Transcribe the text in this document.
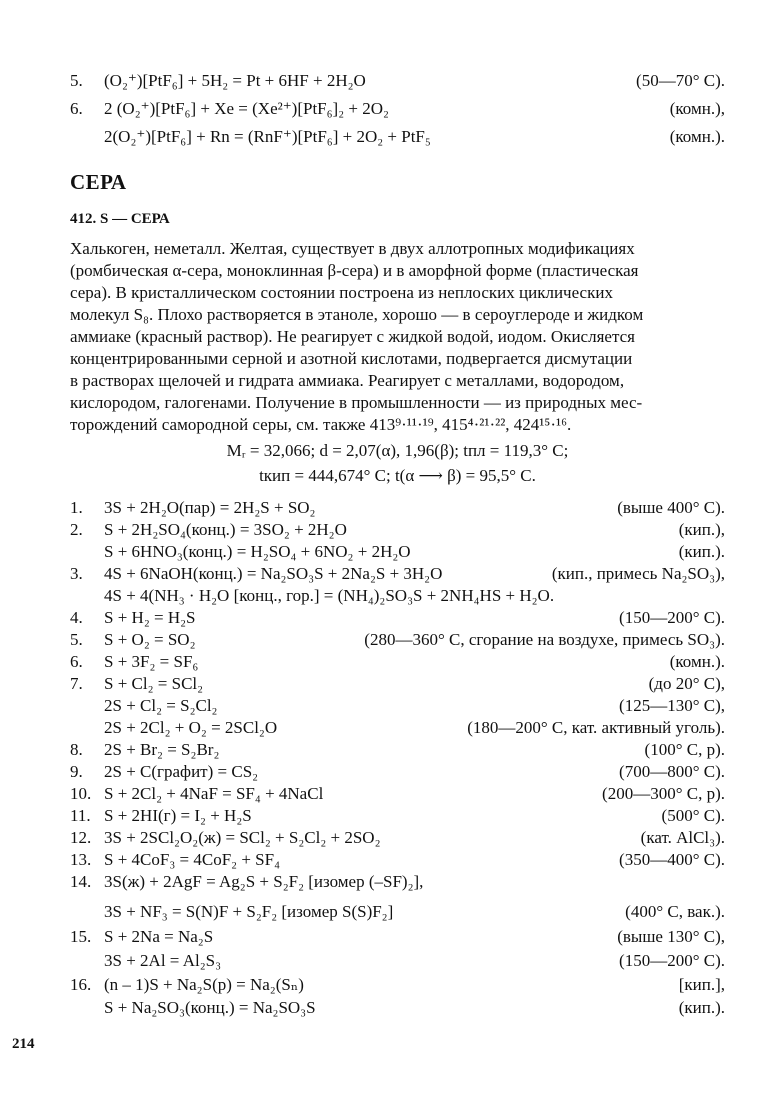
5.	(O₂⁺)[PtF₆] + 5H₂ = Pt + 6HF + 2H₂O	(50—70° C).
6.	2 (O₂⁺)[PtF₆] + Xe = (Xe²⁺)[PtF₆]₂ + 2O₂	(комн.),
2(O₂⁺)[PtF₆] + Rn = (RnF⁺)[PtF₆] + 2O₂ + PtF₅	(комн.).
СЕРА
412. S — СЕРА
Халькоген, неметалл. Желтая, существует в двух аллотропных модификациях
(ромбическая α-сера, моноклинная β-сера) и в аморфной форме (пластическая
сера). В кристаллическом состоянии построена из неплоских циклических
молекул S₈. Плохо растворяется в этаноле, хорошо — в сероуглероде и жидком
аммиаке (красный раствор). Не реагирует с жидкой водой, иодом. Окисляется
концентрированными серной и азотной кислотами, подвергается дисмутации
в растворах щелочей и гидрата аммиака. Реагирует с металлами, водородом,
кислородом, галогенами. Получение в промышленности — из природных мес-
торождений самородной серы, см. также 413⁹·¹¹·¹⁹, 415⁴·²¹·²², 424¹⁵·¹⁶.
Mᵣ = 32,066; d = 2,07(α), 1,96(β); tпл = 119,3° C;
tкип = 444,674° C; t(α ⟶ β) = 95,5° C.
1.	3S + 2H₂O(пар) = 2H₂S + SO₂	(выше 400° C).
2.	S + 2H₂SO₄(конц.) = 3SO₂ + 2H₂O	(кип.),
S + 6HNO₃(конц.) = H₂SO₄ + 6NO₂ + 2H₂O	(кип.).
3.	4S + 6NaOH(конц.) = Na₂SO₃S + 2Na₂S + 3H₂O	(кип., примесь Na₂SO₃),
4S + 4(NH₃ · H₂O [конц., гор.] = (NH₄)₂SO₃S + 2NH₄HS + H₂O.
4.	S + H₂ = H₂S	(150—200° C).
5.	S + O₂ = SO₂	(280—360° C, сгорание на воздухе, примесь SO₃).
6.	S + 3F₂ = SF₆	(комн.).
7.	S + Cl₂ = SCl₂	(до 20° C),
2S + Cl₂ = S₂Cl₂	(125—130° C),
2S + 2Cl₂ + O₂ = 2SCl₂O	(180—200° C, кат. активный уголь).
8.	2S + Br₂ = S₂Br₂	(100° C, p).
9.	2S + C(графит) = CS₂	(700—800° C).
10. S + 2Cl₂ + 4NaF = SF₄ + 4NaCl	(200—300° C, p).
11. S + 2HI(г) = I₂ + H₂S	(500° C).
12. 3S + 2SCl₂O₂(ж) = SCl₂ + S₂Cl₂ + 2SO₂	(кат. AlCl₃).
13. S + 4CoF₃ = 4CoF₂ + SF₄	(350—400° C).
14. 3S(ж) + 2AgF = Ag₂S + S₂F₂ [изомер (–SF)₂],
3S + NF₃ = S(N)F + S₂F₂ [изомер S(S)F₂]	(400° C, вак.).
15. S + 2Na = Na₂S	(выше 130° C),
3S + 2Al = Al₂S₃	(150—200° C).
16. (n – 1)S + Na₂S(р) = Na₂(Sₙ)	[кип.],
S + Na₂SO₃(конц.) = Na₂SO₃S	(кип.).
214
